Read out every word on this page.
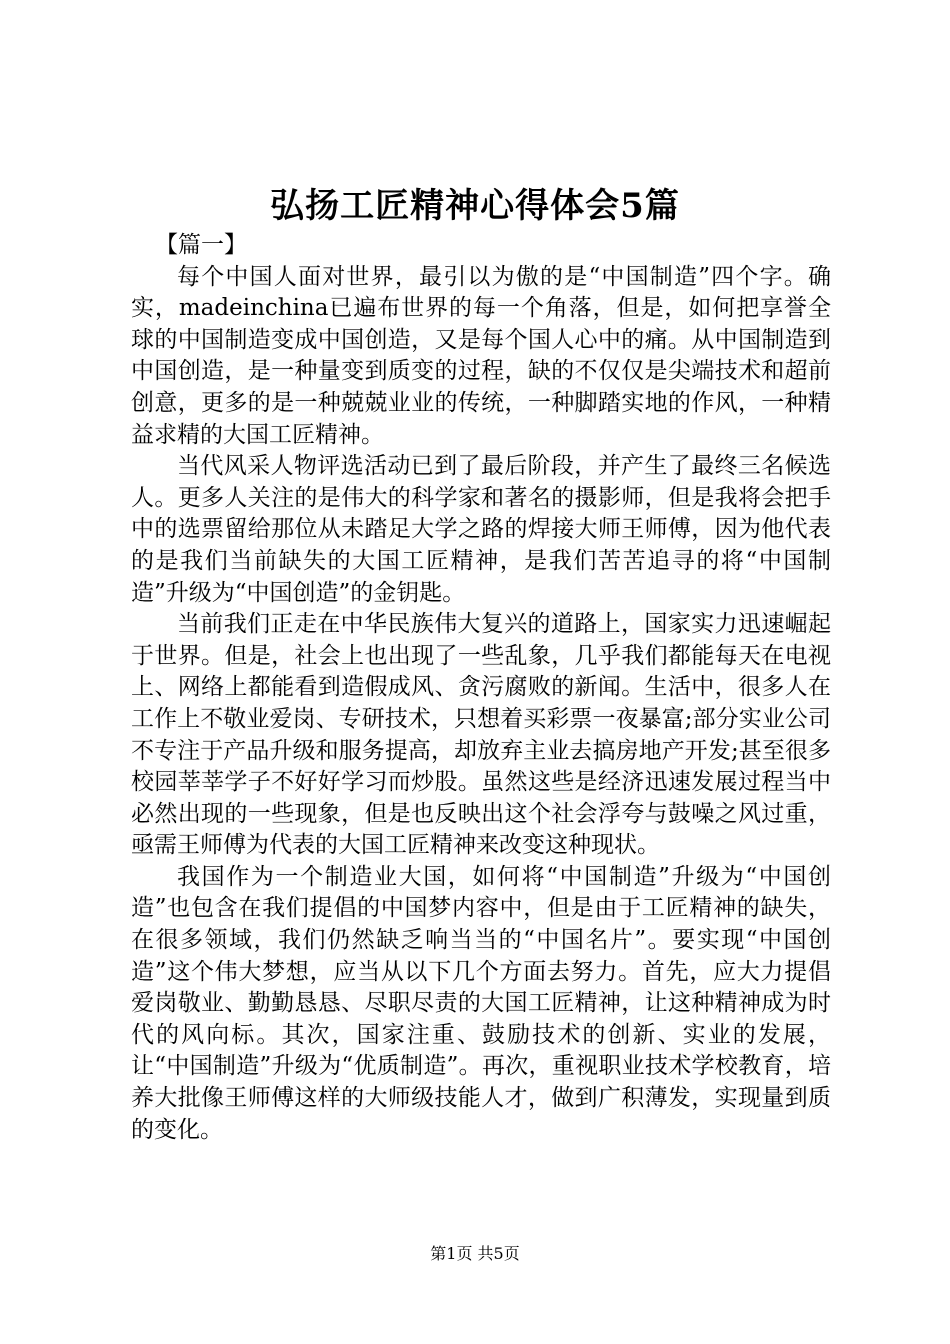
弘扬工匠精神心得体会5篇

【篇一】

每个中国人面对世界，最引以为傲的是“中国制造”四个字。确实，madeinchina已遍布世界的每一个角落，但是，如何把享誉全球的中国制造变成中国创造，又是每个国人心中的痛。从中国制造到中国创造，是一种量变到质变的过程，缺的不仅仅是尖端技术和超前创意，更多的是一种兢兢业业的传统，一种脚踏实地的作风，一种精益求精的大国工匠精神。

当代风采人物评选活动已到了最后阶段，并产生了最终三名候选人。更多人关注的是伟大的科学家和著名的摄影师，但是我将会把手中的选票留给那位从未踏足大学之路的焊接大师王师傅，因为他代表的是我们当前缺失的大国工匠精神，是我们苦苦追寻的将“中国制造”升级为“中国创造”的金钥匙。

当前我们正走在中华民族伟大复兴的道路上，国家实力迅速崛起于世界。但是，社会上也出现了一些乱象，几乎我们都能每天在电视上、网络上都能看到造假成风、贪污腐败的新闻。生活中，很多人在工作上不敬业爱岗、专研技术，只想着买彩票一夜暴富;部分实业公司不专注于产品升级和服务提高，却放弃主业去搞房地产开发;甚至很多校园莘莘学子不好好学习而炒股。虽然这些是经济迅速发展过程当中必然出现的一些现象，但是也反映出这个社会浮夸与鼓噪之风过重，亟需王师傅为代表的大国工匠精神来改变这种现状。

我国作为一个制造业大国，如何将“中国制造”升级为“中国创造”也包含在我们提倡的中国梦内容中，但是由于工匠精神的缺失，在很多领域，我们仍然缺乏响当当的“中国名片”。要实现“中国创造”这个伟大梦想，应当从以下几个方面去努力。首先，应大力提倡爱岗敬业、勤勤恳恳、尽职尽责的大国工匠精神，让这种精神成为时代的风向标。其次，国家注重、鼓励技术的创新、实业的发展，让“中国制造”升级为“优质制造”。再次，重视职业技术学校教育，培养大批像王师傅这样的大师级技能人才，做到广积薄发，实现量到质的变化。

第1页 共5页
